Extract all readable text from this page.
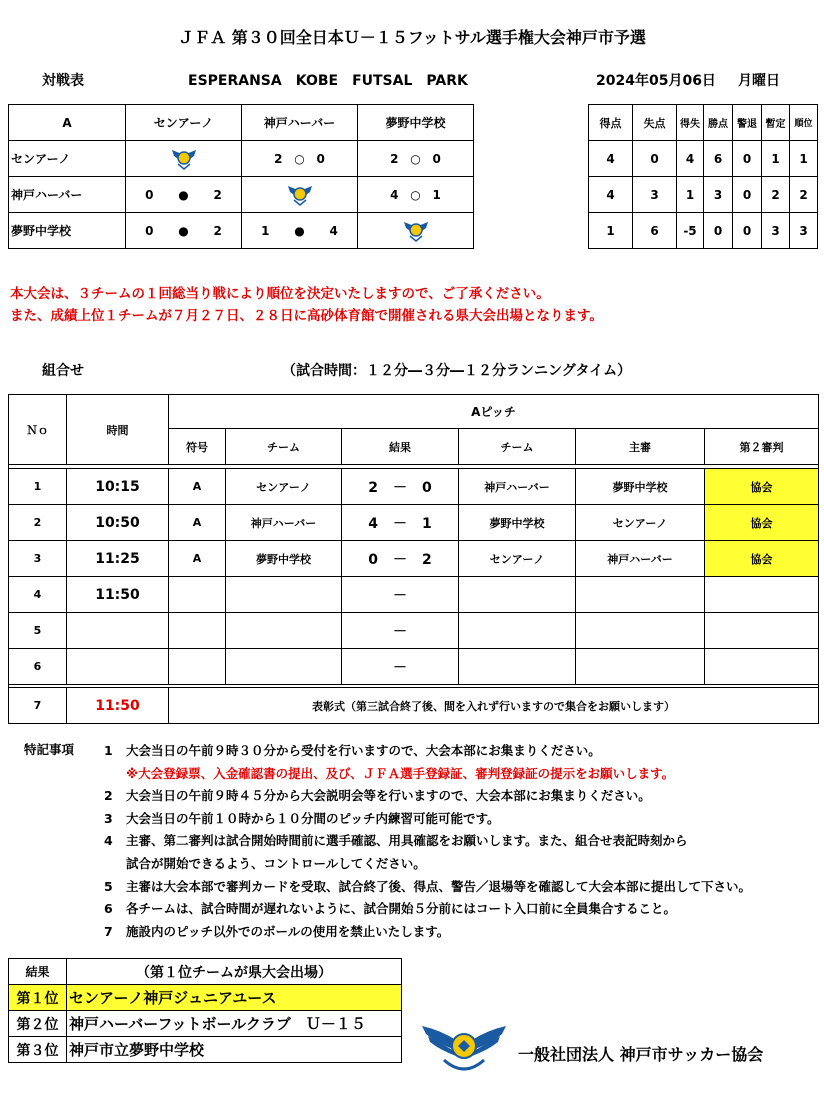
ＪＦＡ 第３０回全日本Ｕ－１５フットサル選手権大会神戸市予選
対戦表	ESPERANSA　KOBE　FUTSAL　PARK	2024年05月06日 月曜日
A	センアーノ	神戸ハーバー	夢野中学校
センアーノ		2 ○ 0	2 ○ 0
神戸ハーバー	0 ● 2		4 ○ 1
夢野中学校	0 ● 2	1 ● 4	
得点	失点	得失	勝点	警退	暫定	順位
4	0	4	6	0	1	1
4	3	1	3	0	2	2
1	6	-5	0	0	3	3
本大会は、３チームの１回総当り戦により順位を決定いたしますので、ご了承ください。
また、成績上位１チームが７月２７日、２８日に高砂体育館で開催される県大会出場となります。
組合せ	（試合時間：１２分―３分―１２分ランニングタイム）
Ｎｏ	時間	Aピッチ					
		符号	チーム	結果	チーム	主審	第２審判

1	10:15	A	センアーノ	2 － 0	神戸ハーバー	夢野中学校	協会
2	10:50	A	神戸ハーバー	4 － 1	夢野中学校	センアーノ	協会
3	11:25	A	夢野中学校	0 － 2	センアーノ	神戸ハーバー	協会
4	11:50			－			
5				－			
6				－			

7	11:50	表彰式（第三試合終了後、間を入れず行いますので集合をお願いします）					
特記事項 1 大会当日の午前９時３０分から受付を行いますので、大会本部にお集まりください。
※大会登録票、入金確認書の提出、及び、ＪＦＡ選手登録証、審判登録証の提示をお願いします。
2 大会当日の午前９時４５分から大会説明会等を行いますので、大会本部にお集まりください。
3 大会当日の午前１０時から１０分間のピッチ内練習可能可能です。
4 主審、第二審判は試合開始時間前に選手確認、用具確認をお願いします。また、組合せ表記時刻から
試合が開始できるよう、コントロールしてください。
5 主審は大会本部で審判カードを受取、試合終了後、得点、警告／退場等を確認して大会本部に提出して下さい。
6 各チームは、試合時間が遅れないように、試合開始５分前にはコート入口前に全員集合すること。
7 施設内のピッチ以外でのボールの使用を禁止いたします。
結果	（第１位チームが県大会出場）
第１位	センアーノ神戸ジュニアユース
第２位	神戸ハーバーフットボールクラブ　Ｕ－１５
第３位	神戸市立夢野中学校	一般社団法人 神戸市サッカー協会
